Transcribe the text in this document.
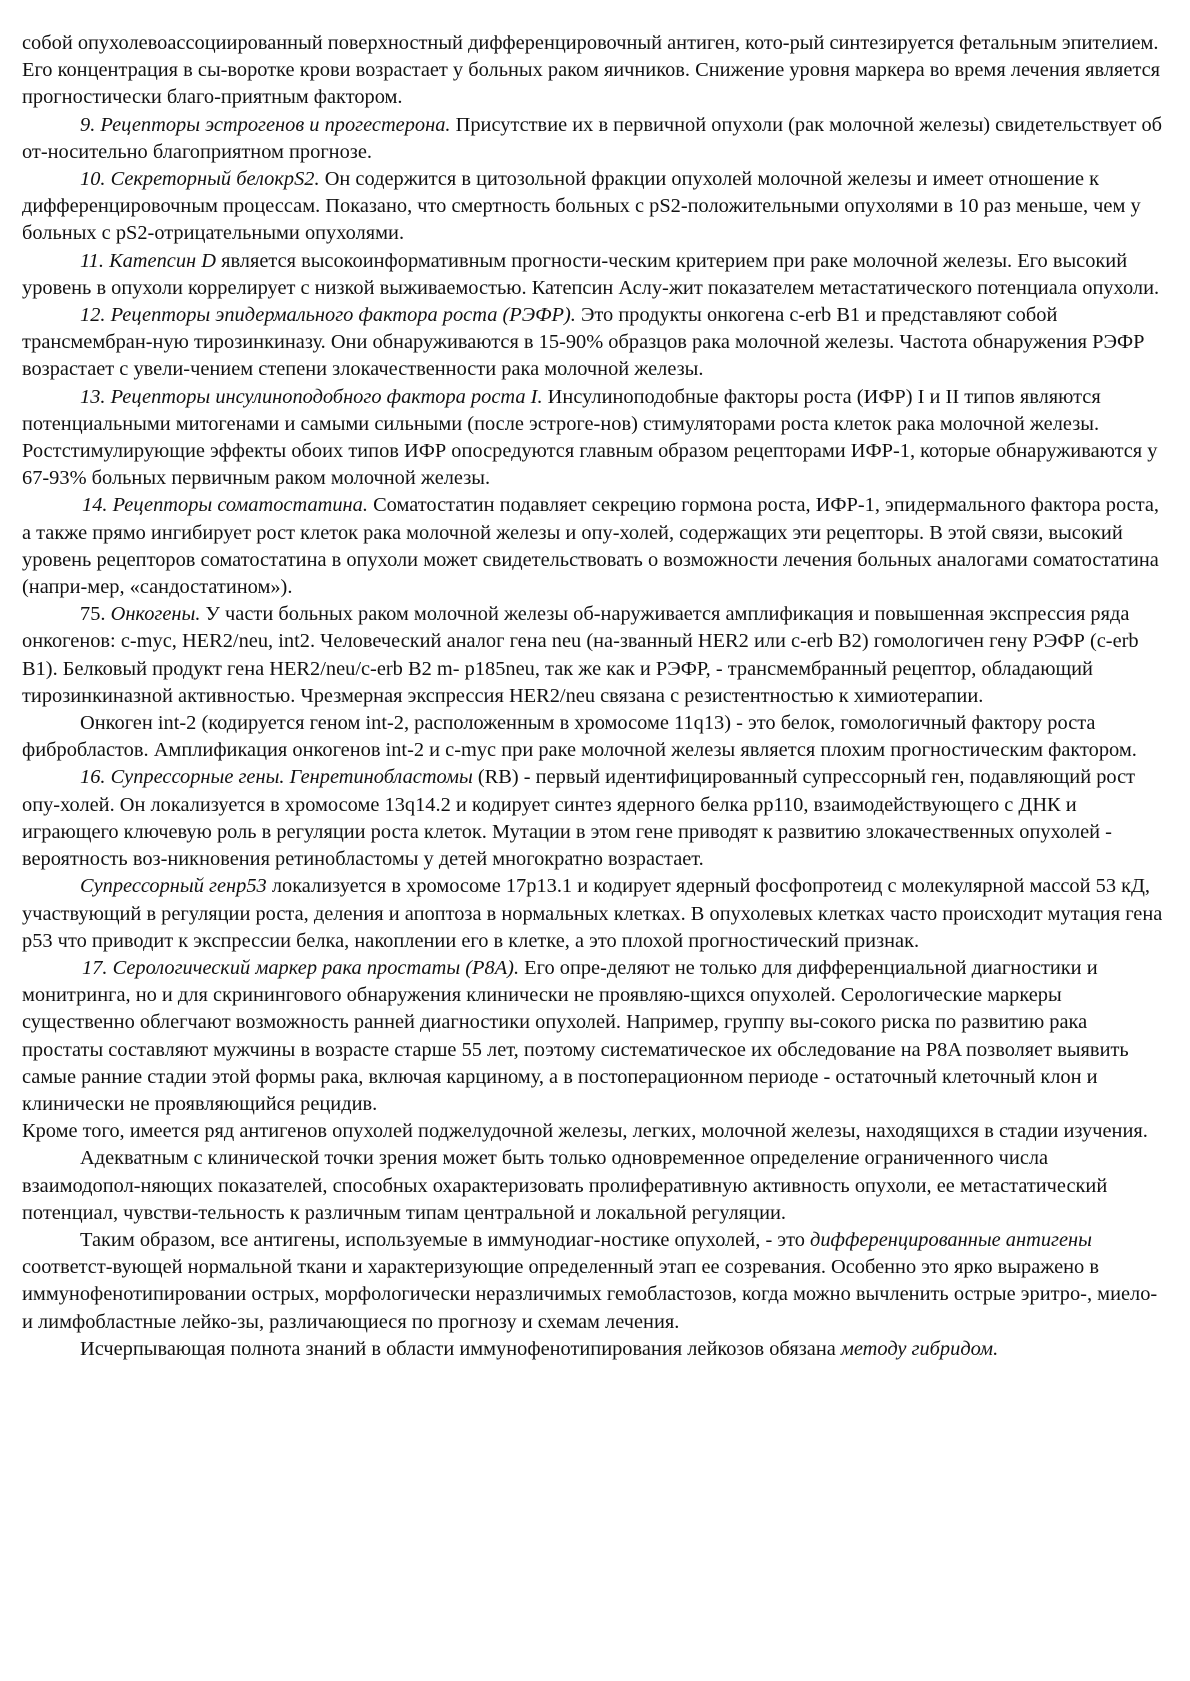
собой опухолевоассоциированный поверхностный дифференцировочный антиген, кото-рый синтезируется фетальным эпителием. Его концентрация в сы-воротке крови возрастает у больных раком яичников. Снижение уровня маркера во время лечения является прогностически благо-приятным фактором.

9. Рецепторы эстрогенов и прогестерона. Присутствие их в первичной опухоли (рак молочной железы) свидетельствует об от-носительно благоприятном прогнозе.

10. Секреторный белокрS2. Он содержится в цитозольной фракции опухолей молочной железы и имеет отношение к дифференцировочным процессам. Показано, что смертность больных с pS2-положительными опухолями в 10 раз меньше, чем у больных с pS2-отрицательными опухолями.

11. Катепсин D является высокоинформативным прогности-ческим критерием при раке молочной железы. Его высокий уровень в опухоли коррелирует с низкой выживаемостью. Катепсин Аслу-жит показателем метастатического потенциала опухоли.

12. Рецепторы эпидермального фактора роста (РЭФР). Это продукты онкогена c-erb B1 и представляют собой трансмембран-ную тирозинкиназу. Они обнаруживаются в 15-90% образцов рака молочной железы. Частота обнаружения РЭФР возрастает с увели-чением степени злокачественности рака молочной железы.

13. Рецепторы инсулиноподобного фактора роста I. Инсулиноподобные факторы роста (ИФР) I и II типов являются потенциальными митогенами и самыми сильными (после эстроге-нов) стимуляторами роста клеток рака молочной железы. Ростстимулирующие эффекты обоих типов ИФР опосредуются главным образом рецепторами ИФР-1, которые обнаруживаются у 67-93% больных первичным раком молочной железы.

14. Рецепторы соматостатина. Соматостатин подавляет секрецию гормона роста, ИФР-1, эпидермального фактора роста, а также прямо ингибирует рост клеток рака молочной железы и опу-холей, содержащих эти рецепторы. В этой связи, высокий уровень рецепторов соматостатина в опухоли может свидетельствовать о возможности лечения больных аналогами соматостатина (напри-мер, «сандостатином»).

75. Онкогены. У части больных раком молочной железы об-наруживается амплификация и повышенная экспрессия ряда онкогенов: c-myc, HER2/neu, int2. Человеческий аналог гена neu (на-званный HER2 или c-erb B2) гомологичен гену РЭФР (c-erb B1). Белковый продукт гена HER2/neu/c-erb B2 m- p185neu, так же как и РЭФР, - трансмембранный рецептор, обладающий тирозинкиназной активностью. Чрезмерная экспрессия HER2/neu связана с резистентностью к химиотерапии.

Онкоген int-2 (кодируется геном int-2, расположенным в хромосоме 11q13) - это белок, гомологичный фактору роста фибробластов. Амплификация онкогенов int-2 и c-myc при раке молочной железы является плохим прогностическим фактором.

16. Супрессорные гены. Генретинобластомы (RB) - первый идентифицированный супрессорный ген, подавляющий рост опу-холей. Он локализуется в хромосоме 13q14.2 и кодирует синтез ядерного белка pp110, взаимодействующего с ДНК и играющего ключевую роль в регуляции роста клеток. Мутации в этом гене приводят к развитию злокачественных опухолей - вероятность воз-никновения ретинобластомы у детей многократно возрастает.

Супрессорный генр53 локализуется в хромосоме 17p13.1 и кодирует ядерный фосфопротеид с молекулярной массой 53 кД, участвующий в регуляции роста, деления и апоптоза в нормальных клетках. В опухолевых клетках часто происходит мутация гена p53 что приводит к экспрессии белка, накоплении его в клетке, а это плохой прогностический признак.

17. Серологический маркер рака простаты (P8A). Его опре-деляют не только для дифференциальной диагностики и монитринга, но и для скринингового обнаружения клинически не проявляю-щихся опухолей. Серологические маркеры существенно облегчают возможность ранней диагностики опухолей. Например, группу вы-сокого риска по развитию рака простаты составляют мужчины в возрасте старше 55 лет, поэтому систематическое их обследование на P8A позволяет выявить самые ранние стадии этой формы рака, включая карциному, а в постоперационном периоде - остаточный клеточный клон и клинически не проявляющийся рецидив.

Кроме того, имеется ряд антигенов опухолей поджелудочной железы, легких, молочной железы, находящихся в стадии изучения.

Адекватным с клинической точки зрения может быть только одновременное определение ограниченного числа взаимодопол-няющих показателей, способных охарактеризовать пролиферативную активность опухоли, ее метастатический потенциал, чувстви-тельность к различным типам центральной и локальной регуляции.

Таким образом, все антигены, используемые в иммунодиаг-ностике опухолей, - это дифференцированные антигены соответст-вующей нормальной ткани и характеризующие определенный этап ее созревания. Особенно это ярко выражено в иммунофенотипировании острых, морфологически неразличимых гемобластозов, когда можно вычленить острые эритро-, миело- и лимфобластные лейко-зы, различающиеся по прогнозу и схемам лечения.

Исчерпывающая полнота знаний в области иммунофенотипирования лейкозов обязана методу гибридом.
